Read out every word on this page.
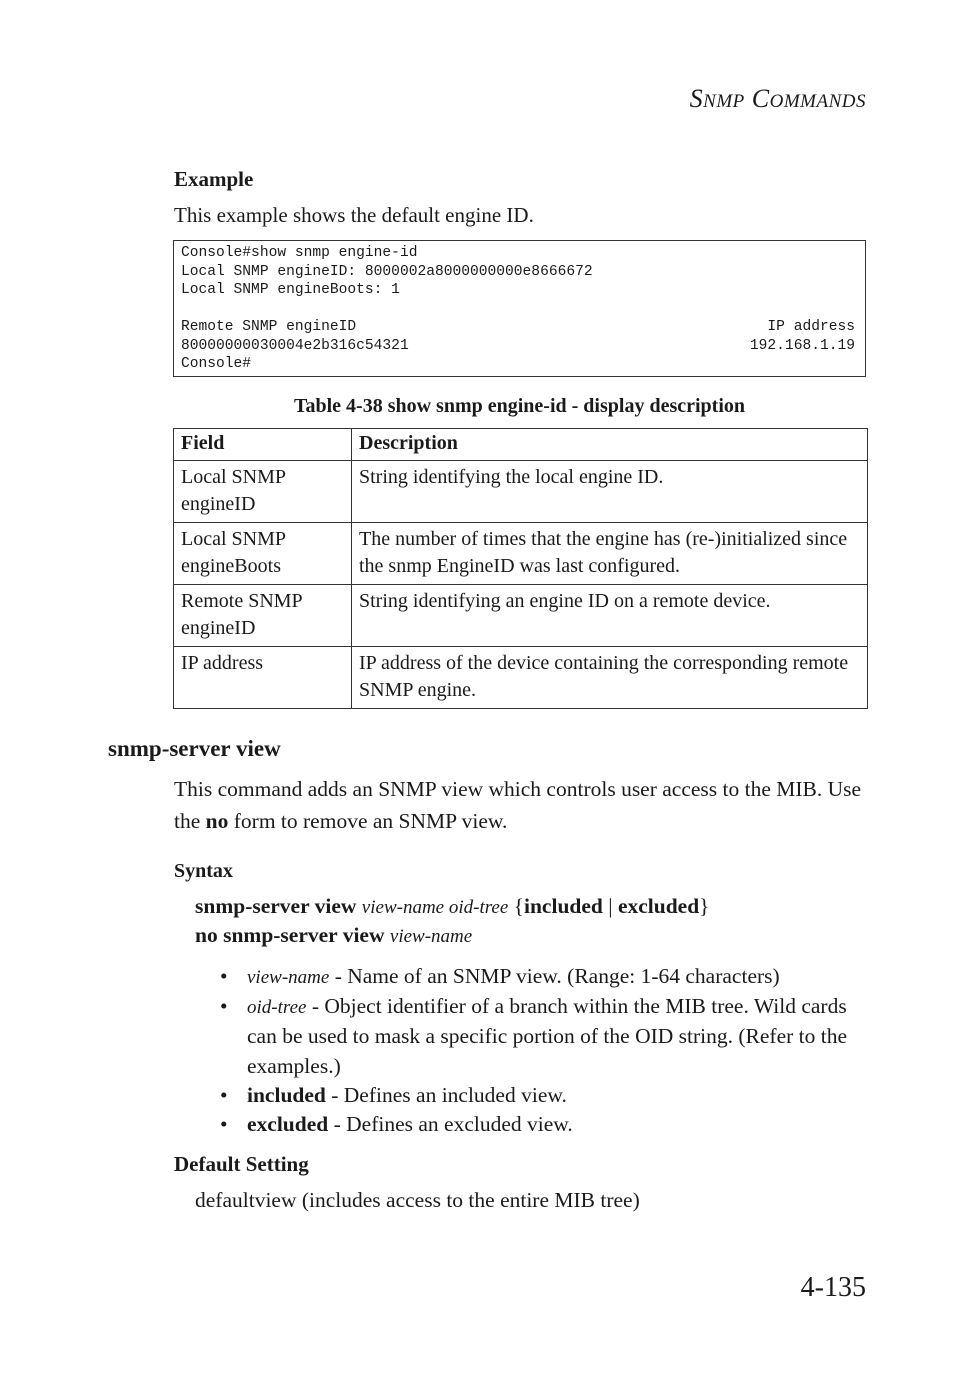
SNMP COMMANDS
Example
This example shows the default engine ID.
Console#show snmp engine-id
Local SNMP engineID: 8000002a8000000000e8666672
Local SNMP engineBoots: 1
Remote SNMP engineID	IP address
80000000030004e2b316c54321	192.168.1.19
Console#
Table 4-38 show snmp engine-id - display description
Field	Description
Local SNMP engineID	String identifying the local engine ID.
Local SNMP engineBoots	The number of times that the engine has (re-)initialized since the snmp EngineID was last configured.
Remote SNMP engineID	String identifying an engine ID on a remote device.
IP address	IP address of the device containing the corresponding remote SNMP engine.
snmp-server view
This command adds an SNMP view which controls user access to the MIB. Use the no form to remove an SNMP view.
Syntax
snmp-server view view-name oid-tree {included | excluded}
no snmp-server view view-name
• view-name - Name of an SNMP view. (Range: 1-64 characters)
• oid-tree - Object identifier of a branch within the MIB tree. Wild cards can be used to mask a specific portion of the OID string. (Refer to the examples.)
• included - Defines an included view.
• excluded - Defines an excluded view.
Default Setting
defaultview (includes access to the entire MIB tree)
4-135
